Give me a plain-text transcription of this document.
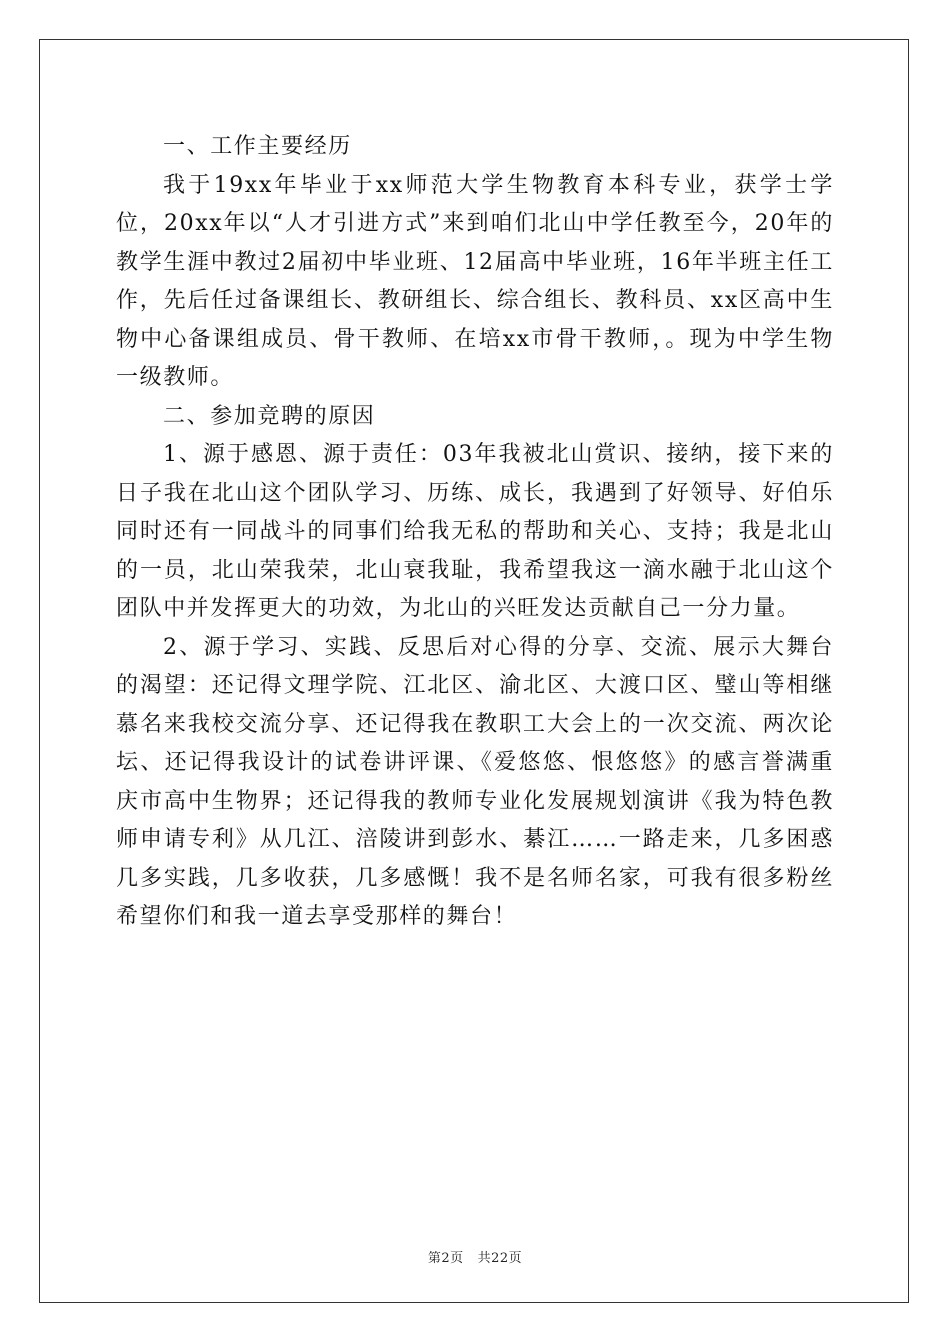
一、工作主要经历

我于19xx年毕业于xx师范大学生物教育本科专业，获学士学位，20xx年以“人才引进方式”来到咱们北山中学任教至今，20年的教学生涯中教过2届初中毕业班、12届高中毕业班，16年半班主任工作，先后任过备课组长、教研组长、综合组长、教科员、xx区高中生物中心备课组成员、骨干教师、在培xx市骨干教师，。现为中学生物一级教师。

二、参加竞聘的原因

1、源于感恩、源于责任：03年我被北山赏识、接纳，接下来的日子我在北山这个团队学习、历练、成长，我遇到了好领导、好伯乐同时还有一同战斗的同事们给我无私的帮助和关心、支持；我是北山的一员，北山荣我荣，北山衰我耻，我希望我这一滴水融于北山这个团队中并发挥更大的功效，为北山的兴旺发达贡献自己一分力量。

2、源于学习、实践、反思后对心得的分享、交流、展示大舞台的渴望：还记得文理学院、江北区、渝北区、大渡口区、璧山等相继慕名来我校交流分享、还记得我在教职工大会上的一次交流、两次论坛、还记得我设计的试卷讲评课、《爱悠悠、恨悠悠》的感言誉满重庆市高中生物界；还记得我的教师专业化发展规划演讲《我为特色教师申请专利》从几江、涪陵讲到彭水、綦江……一路走来，几多困惑几多实践，几多收获，几多感慨！我不是名师名家，可我有很多粉丝希望你们和我一道去享受那样的舞台！

第2页 共22页
